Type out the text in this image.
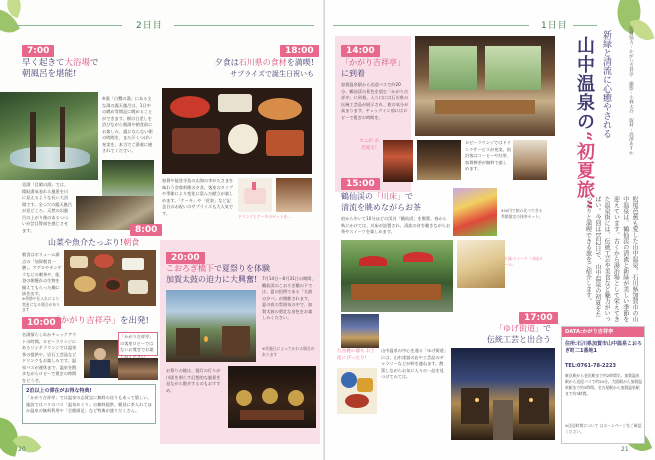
2日目
7:00
早く起きて大浴場で
朝風呂を堪能!
※湯「白鷺の湯」にある主な湯の露天風呂は、1日中の眺め等開記に眺めることができます。朝の日差しを浴びながら朝湯や朝食前にお楽しみ、露にならない朝の時間を、また汗くつばい充実を、本当でご湯着に癒されてください。
男湯「目閑の湯」では、精貼湯気表れる風景を川に見えるような長い大浴場です。全つ穴の露天風呂が見どころ。天然の岩風呂の上がり後のあるつついが芸目腎部を感じさせます。	8:00
山菜や魚介たっぷり!朝食
朝食はボリューム満点の「加賀朝食一膳」。マグロやキンゲラなどの刺身や、能登の朝獲れの生物を揃えてもらった麺に抜を出す。
※季節や仕入れにより変更になる場合があります
10:00
「かがり吉祥亭」を出発!
名湯情らしれかチェックアウトの時間。ロビーラウンジにあるリシテラウンジでは温泉茶の提供や、岩石工芸品などドリンクもお楽しみです。温泉バスが運休まで、温泉を散歩ながらロビーで寛ぎの時間をどうぞ。
「かがり吉祥亭」の客室ロビーではないお寛ぎでお楽しみください
2泊以上の滞在がお得な特典!
「かがり吉祥亭」では温泉の志賀宝に無料の送りもあって嬉しい。施設ではバリのパス「温泉めぐり」の無料提供、朝昼に茶入れてほか温泉の無料利用や「全館満足」など特典が盛りだくさん。
20
18:00
夕食は石川県の食材を満喫!
サプライズで誕生日祝いも
加賀や能登半島の山海の幸がたさまを味わう会席料理の夕食。客室のタイプや季節により変化に富んだ献立が楽しめます。「ケーキ」や「花束」など記念日のお祝いのサプライズも大人気です。
ドリンクとケーキのセットを…
20:00
こおろぎ橋下で夏祭りを体験
加賀太鼓の迫力に大興奮!	7月14日〜8月31日の期間、鶴仙渓のこおろぎ橋の下では、夏の恒例である「太鼓の夕べ」が開催されます。夏の夜の雰囲気の中で、加賀太鼓の勇壮な音色をお楽しみください。
※実施日によってかわる場合があります
お祭りの後は、提灯の灯りが川面を照らす幻想的な風景を見ながら散歩するのもおすすめ。
1日目
新緑と清流に心癒やされる
山中温泉の“初夏旅”
取材協力・かがり吉祥亭　撮影・小林大介　取材・高澤あすか
松尾芭蕉も愛した山中温泉。石川県加賀市の山中温泉は、鶴仙渓の清流と新緑が美しい季節を迎えています。古くから湯治場として栄えてきた温泉街には、伝統工芸や美食など魅力がいっぱい。今回は1泊2日で、山中温泉の初夏をたっぷりと満喫できる旅をご紹介します。
14:00
「かがり吉祥亭」
に到着
加賀温泉駅から送迎バスで約20分。鶴仙渓の景色を望む「かがり吉祥亭」に到着。入り口には石川県の伝統工芸品が展示され、旅の気分が高まります。チェックイン前にはロビーで寛ぎの時間を。
カニが お出迎え!
ロビーラウンジではドリンクサービスが充実。宿泊客はコーヒーや紅茶、加賀棒茶が無料で楽しめます。
15:00
鶴仙渓の「川床」で
清流を眺めながらお茶
宿から歩いて10分ほどの渓谷「鶴仙渓」を散策。春から秋にかけては、川床が設置され、清流の音を聴きながらお茶やスイーツを楽しめます。
550円で飲み比べできる季節限定の抹茶セット。
川床スイーツ「川床ロール」
17:00
「ゆげ街道」で
伝統工芸と出合う
山中温泉の中心を通る「ゆげ街道」には、山中漆器の店や工芸品のギャラリーなどが軒を連ねます。散策しながらお気に入りの一品を見つけてみては。
九谷焼の器も お土産にぴったり!
DATA:かがり吉祥亭
住所:石川県加賀市山中温泉こおろぎ町二1番地1
TEL:0761-78-2223
東京駅から金沢駅まで約2時間半。加賀温泉駅から送迎バスで約20分。大阪駅から加賀温泉駅まで約2時間。名古屋駅から加賀温泉駅まで約3時間。
※送迎時間について はホームページをご確認ください。
21
